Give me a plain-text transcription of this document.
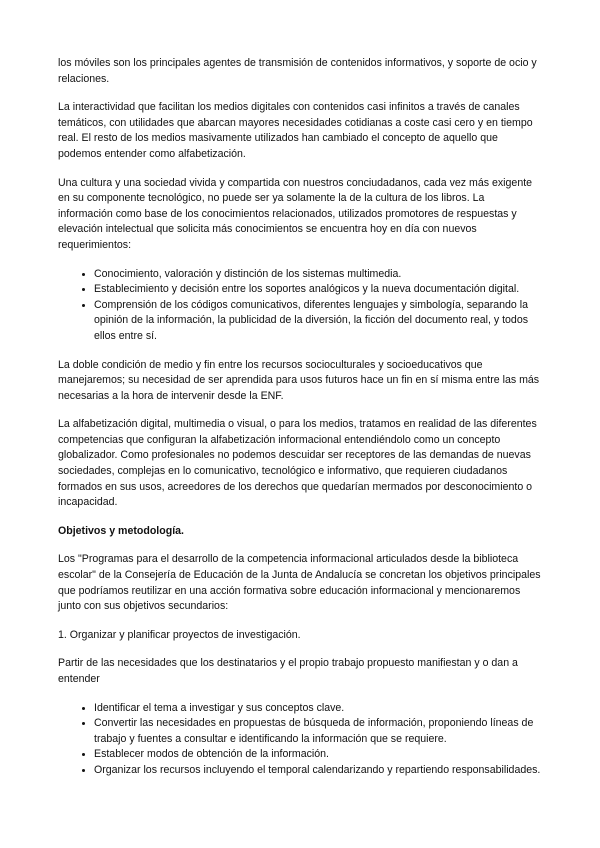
los móviles son los principales agentes de transmisión de contenidos informativos, y soporte de ocio y relaciones.

La interactividad que facilitan los medios digitales con contenidos casi infinitos a través de canales temáticos, con utilidades que abarcan mayores necesidades cotidianas a coste casi cero y en tiempo real. El resto de los medios masivamente utilizados han cambiado el concepto de aquello que podemos entender como alfabetización.

Una cultura y una sociedad vivida y compartida con nuestros conciudadanos, cada vez más exigente en su componente tecnológico, no puede ser ya solamente la de la cultura de los libros. La información como base de los conocimientos relacionados, utilizados promotores de respuestas y elevación intelectual que solicita más conocimientos se encuentra hoy en día con nuevos requerimientos:

• Conocimiento, valoración y distinción de los sistemas multimedia.
• Establecimiento y decisión entre los soportes analógicos y la nueva documentación digital.
• Comprensión de los códigos comunicativos, diferentes lenguajes y simbología, separando la opinión de la información, la publicidad de la diversión, la ficción del documento real, y todos ellos entre sí.

La doble condición de medio y fin entre los recursos socioculturales y socioeducativos que manejaremos; su necesidad de ser aprendida para usos futuros hace un fin en sí misma entre las más necesarias a la hora de intervenir desde la ENF.

La alfabetización digital, multimedia o visual, o para los medios, tratamos en realidad de las diferentes competencias que configuran la alfabetización informacional entendiéndolo como un concepto globalizador. Como profesionales no podemos descuidar ser receptores de las demandas de nuevas sociedades, complejas en lo comunicativo, tecnológico e informativo, que requieren ciudadanos formados en sus usos, acreedores de los derechos que quedarían mermados por desconocimiento o incapacidad.

Objetivos y metodología.

Los "Programas para el desarrollo de la competencia informacional articulados desde la biblioteca escolar" de la Consejería de Educación de la Junta de Andalucía se concretan los objetivos principales que podríamos reutilizar en una acción formativa sobre educación informacional y mencionaremos junto con sus objetivos secundarios:

1. Organizar y planificar proyectos de investigación.

Partir de las necesidades que los destinatarios y el propio trabajo propuesto manifiestan y o dan a entender

• Identificar el tema a investigar y sus conceptos clave.
• Convertir las necesidades en propuestas de búsqueda de información, proponiendo líneas de trabajo y fuentes a consultar e identificando la información que se requiere.
• Establecer modos de obtención de la información.
• Organizar los recursos incluyendo el temporal calendarizando y repartiendo responsabilidades.
